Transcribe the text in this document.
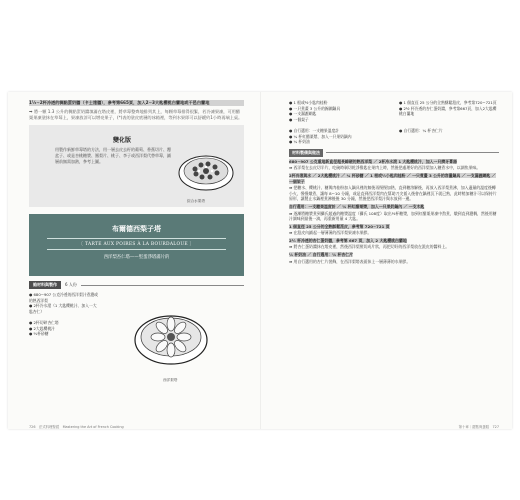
1⅓∼2杯冷透的稠點蛋奶醬（卡士達醬），參考第665頁，加入2∼3大匙櫻桃白蘭地或干邑白蘭地

➡ 將一顆 1.3 公升的稠點蛋奶醬填滿在塔皮裡，將草莓整齊地排列其上，每顆草莓排得很緊，若冷凍果凍，可用醋栗果凍塗抹在草莓上，果凍放涼可以增亮果子，(*)表的塗皮底層的冰箱裡，等到水果即可以舒緩約1小時再端上桌。

變化版
用製作新鮮草莓塔的方法，用一層去皮去籽的葡萄、香蕉切片、覆盆子、或是杏桃糖漿、鳳梨片、桃子、李子或西洋梨代替草莓，鋪層前無需加熱，參考上圖。
綜合水果塔
布爾德西梨子塔
〔 TARTE AUX POIRES À LA BOURDALOUE 〕
西洋梨杏仁塔——堅蛋淨塔滿片的
餡材料與製作	6 人份

● 680∼907 公克冷透的西洋梨汁煮濃或

的熟西洋梨

● 2杯冷水滾（1 大匙櫻桃汁、加入一大

匙杏仁）

● 2杯切碎杏仁塔

● 2大匙櫻桃汁

● ⅔杯砂糖

西洋梨塔
726　法式料理聖經　Mastering the Art of French Cooking

● 1 根或½小匙肉桂粉

● 一只煮畫 3 公升的錫鋼鍋具

● 一支漏瀝網匙

● 一個架子

● 自行選用：一支糖果溫度計

● ¼ 杯紅醋栗漿、加入一只果奶鍋內

● ¼ 杯奶油

● 1 個直徑 25 公分的全熟酥鬆派皮，參考第720∼721頁

● 2½ 杯冷透的杏仁蛋奶醬，參考第667頁，加入2大匙櫻桃白蘭地

● 自行選用：¼ 杯杏仁片

材料製備與做法

680∼907 公克重地新直徑超長線硬的熟西洋梨 ／ 2杯冷水滾 1 大匙櫻桃汁，加入一只擠牙膏器

➡ 西洋梨在去皮切半片，吃碗時剝切乾淨撥匙在果肉上時，然後把處理好的西洋梨加入糖煮水中，以調焦果味。

2杯冷滾與水 ／ 2大匙櫻桃汁 ／ ¾ 杯砂糖 ／ 1 根或½小匙肉桂粉 ／ 一只煮畫 3 公升的容量鍋具 ／ 一支漏瀝網匙 ／ 一個架子

➡ 把糖水、櫻桃汁、糖與肉桂粉加入鍋具裡的無後再慢慢加熱，直到糖溶解後，再放入西洋梨煮沸，加入適量的溫度後轉小火，慢慢燉煮，讓每 8∼10 分鐘，或是直到西洋梨肉在幫助刀尖插入後會在鍋裡沉下就已熟，此時稍加糖汁可以保持片原形，讓製止水鍋裡煮沸後後 30 分鐘，然後把西洋梨汁與水放到一邊。

自行選用：一支糖果溫度計 ／ ¼ 杯紅醋栗漿，加入一只果奶鍋內 ／ 一支木匙

➡ 逐漸將糖漿煮到攝氏超過的糖漿溫度（攝氏 108度）取出½杯糖漿，加到紅醋栗果凍中熬煮，燉到直到濃稠，然後用糖汁調味到最後一滴，再重新用量 4 大匙。

1 個直徑 25 公分的全熟酥鬆派皮，參考第 720∼721 頁

➡ 在派皮內鋪起一層薄薄的西洋梨果凍水果膠。

2½ 杯冷透的杏仁蛋奶醬，參考第 667 頁，加入 2 大匙櫻桃白蘭地

➡ 將杏仁蛋奶醬抹在塔皮裡，然後西洋梨照切成片狀，再把切好的西洋梨放在派皮的醬料上。

¼ 杯奶油 ／ 自行選用：¼ 杯杏仁片

➡ 用自行選用的杏仁片裝飾，在西洋梨塔表面抹上一層薄薄的水果膠。

第十章｜甜點與蛋糕　727
